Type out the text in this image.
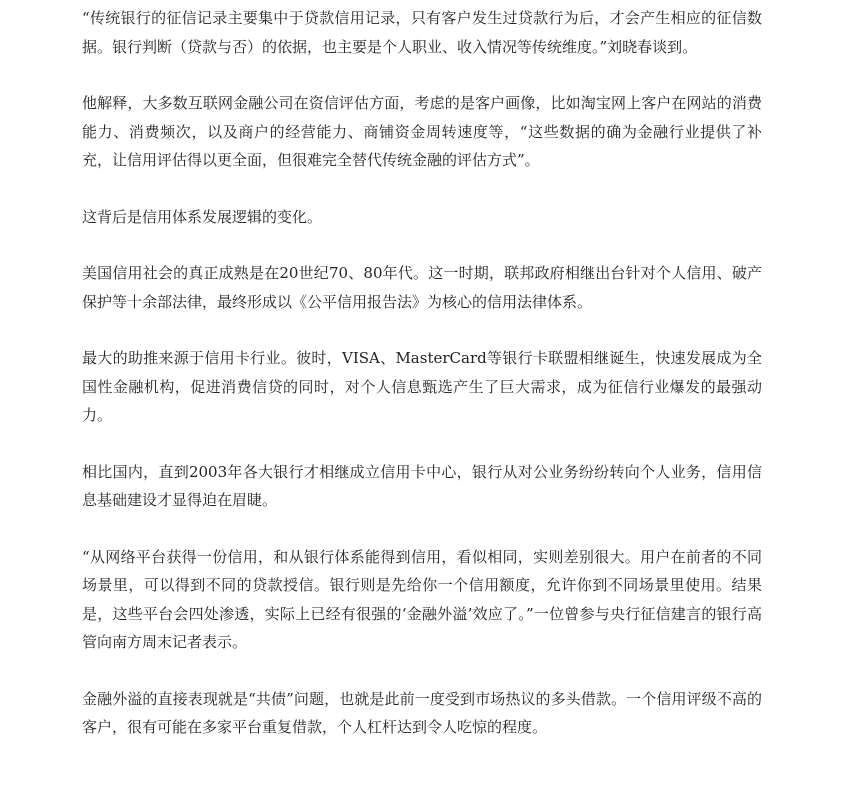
“传统银行的征信记录主要集中于贷款信用记录，只有客户发生过贷款行为后，才会产生相应的征信数据。银行判断（贷款与否）的依据，也主要是个人职业、收入情况等传统维度。”刘晓春谈到。

他解释，大多数互联网金融公司在资信评估方面，考虑的是客户画像，比如淘宝网上客户在网站的消费能力、消费频次，以及商户的经营能力、商铺资金周转速度等，“这些数据的确为金融行业提供了补充，让信用评估得以更全面，但很难完全替代传统金融的评估方式”。

这背后是信用体系发展逻辑的变化。

美国信用社会的真正成熟是在20世纪70、80年代。这一时期，联邦政府相继出台针对个人信用、破产保护等十余部法律，最终形成以《公平信用报告法》为核心的信用法律体系。

最大的助推来源于信用卡行业。彼时，VISA、MasterCard等银行卡联盟相继诞生，快速发展成为全国性金融机构，促进消费信贷的同时，对个人信息甄选产生了巨大需求，成为征信行业爆发的最强动力。

相比国内，直到2003年各大银行才相继成立信用卡中心，银行从对公业务纷纷转向个人业务，信用信息基础建设才显得迫在眉睫。

“从网络平台获得一份信用，和从银行体系能得到信用，看似相同，实则差别很大。用户在前者的不同场景里，可以得到不同的贷款授信。银行则是先给你一个信用额度，允许你到不同场景里使用。结果是，这些平台会四处渗透，实际上已经有很强的‘金融外溢’效应了。”一位曾参与央行征信建言的银行高管向南方周末记者表示。

金融外溢的直接表现就是“共债”问题，也就是此前一度受到市场热议的多头借款。一个信用评级不高的客户，很有可能在多家平台重复借款，个人杠杆达到令人吃惊的程度。
